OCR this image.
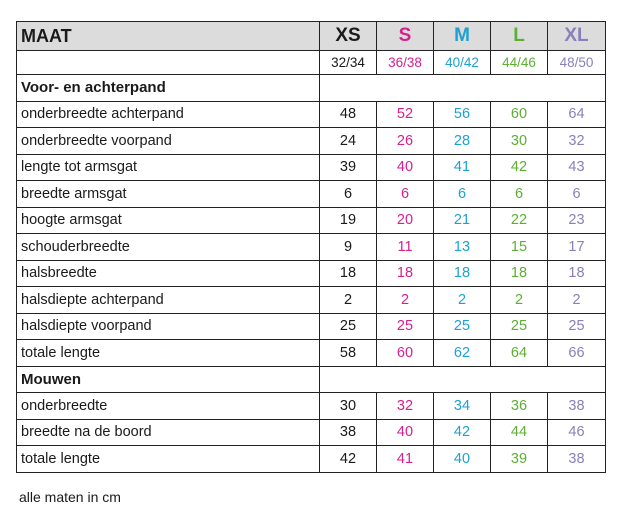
MAAT	XS	S	M	L	XL
	32/34	36/38	40/42	44/46	48/50
Voor- en achterpand					
onderbreedte achterpand	48	52	56	60	64
onderbreedte voorpand	24	26	28	30	32
lengte tot armsgat	39	40	41	42	43
breedte armsgat	6	6	6	6	6
hoogte armsgat	19	20	21	22	23
schouderbreedte	9	11	13	15	17
halsbreedte	18	18	18	18	18
halsdiepte achterpand	2	2	2	2	2
halsdiepte voorpand	25	25	25	25	25
totale lengte	58	60	62	64	66
Mouwen					
onderbreedte	30	32	34	36	38
breedte na de boord	38	40	42	44	46
totale lengte	42	41	40	39	38
alle maten in cm
